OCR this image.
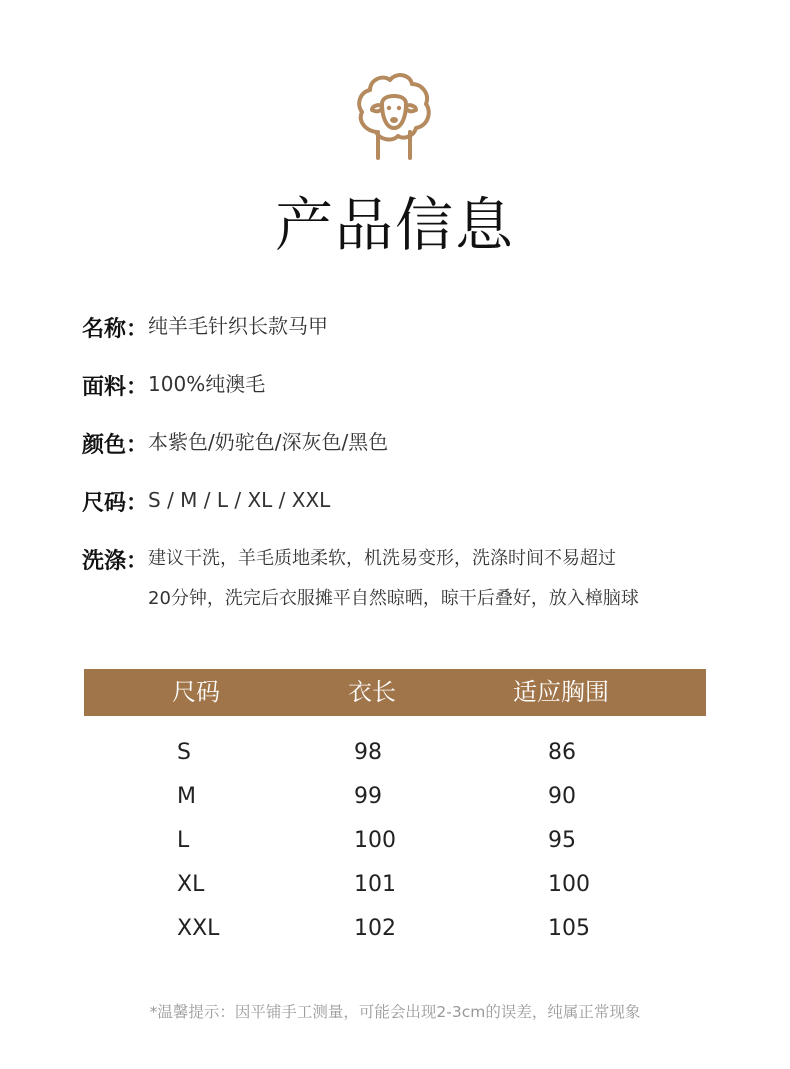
产品信息
名称： 纯羊毛针织长款马甲
面料： 100%纯澳毛
颜色： 本紫色/奶驼色/深灰色/黑色
尺码： S / M / L / XL / XXL
洗涤： 建议干洗，羊毛质地柔软，机洗易变形，洗涤时间不易超过
20分钟，洗完后衣服摊平自然晾晒，晾干后叠好，放入樟脑球
尺码	衣长	适应胸围
S	98	86
M	99	90
L	100	95
XL	101	100
XXL	102	105
*温馨提示：因平铺手工测量，可能会出现2-3cm的误差，纯属正常现象
